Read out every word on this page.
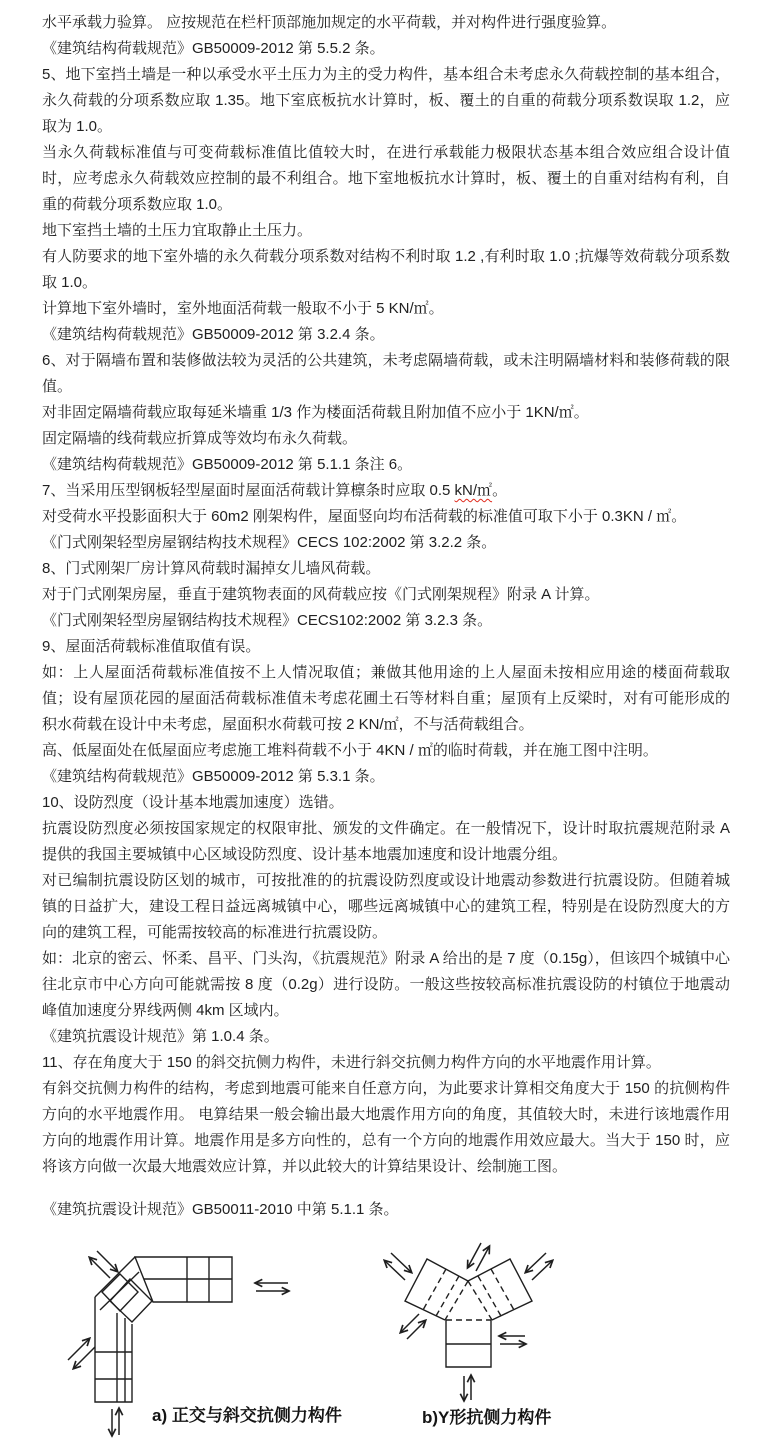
水平承载力验算。 应按规范在栏杆顶部施加规定的水平荷载，并对构件进行强度验算。

《建筑结构荷载规范》GB50009-2012 第 5.5.2 条。

5、地下室挡土墙是一种以承受水平土压力为主的受力构件，基本组合未考虑永久荷载控制的基本组合，永久荷载的分项系数应取 1.35。地下室底板抗水计算时，板、覆土的自重的荷载分项系数误取 1.2，应取为 1.0。

当永久荷载标准值与可变荷载标准值比值较大时，在进行承载能力极限状态基本组合效应组合设计值时，应考虑永久荷载效应控制的最不利组合。地下室地板抗水计算时，板、覆土的自重对结构有利，自重的荷载分项系数应取 1.0。

地下室挡土墙的土压力宜取静止土压力。

有人防要求的地下室外墙的永久荷载分项系数对结构不利时取 1.2 ,有利时取 1.0 ;抗爆等效荷载分项系数取 1.0。

计算地下室外墙时，室外地面活荷载一般取不小于 5 KN/㎡。

《建筑结构荷载规范》GB50009-2012 第 3.2.4 条。

6、对于隔墙布置和装修做法较为灵活的公共建筑，未考虑隔墙荷载，或未注明隔墙材料和装修荷载的限值。

对非固定隔墙荷载应取每延米墙重 1/3 作为楼面活荷载且附加值不应小于 1KN/㎡。

固定隔墙的线荷载应折算成等效均布永久荷载。

《建筑结构荷载规范》GB50009-2012 第 5.1.1 条注 6。

7、当采用压型钢板轻型屋面时屋面活荷载计算檩条时应取 0.5 kN/㎡。

对受荷水平投影面积大于 60m2 刚架构件，屋面竖向均布活荷载的标准值可取下小于 0.3KN / ㎡。

《门式刚架轻型房屋钢结构技术规程》CECS 102:2002 第 3.2.2 条。

8、门式刚架厂房计算风荷载时漏掉女儿墙风荷载。

对于门式刚架房屋，垂直于建筑物表面的风荷载应按《门式刚架规程》附录 A 计算。

《门式刚架轻型房屋钢结构技术规程》CECS102:2002 第 3.2.3 条。

9、屋面活荷载标准值取值有误。

如：上人屋面活荷载标准值按不上人情况取值；兼做其他用途的上人屋面未按相应用途的楼面荷载取值；设有屋顶花园的屋面活荷载标准值未考虑花圃土石等材料自重；屋顶有上反梁时，对有可能形成的积水荷载在设计中未考虑，屋面积水荷载可按 2 KN/㎡，不与活荷载组合。

高、低屋面处在低屋面应考虑施工堆料荷载不小于 4KN / ㎡的临时荷载，并在施工图中注明。

《建筑结构荷载规范》GB50009-2012 第 5.3.1 条。

10、设防烈度（设计基本地震加速度）选错。

抗震设防烈度必须按国家规定的权限审批、颁发的文件确定。在一般情况下，设计时取抗震规范附录 A 提供的我国主要城镇中心区域设防烈度、设计基本地震加速度和设计地震分组。

对已编制抗震设防区划的城市，可按批准的的抗震设防烈度或设计地震动参数进行抗震设防。但随着城镇的日益扩大，建设工程日益远离城镇中心，哪些远离城镇中心的建筑工程，特别是在设防烈度大的方向的建筑工程，可能需按较高的标准进行抗震设防。

如：北京的密云、怀柔、昌平、门头沟，《抗震规范》附录 A 给出的是 7 度（0.15g），但该四个城镇中心往北京市中心方向可能就需按 8 度（0.2g）进行设防。一般这些按较高标准抗震设防的村镇位于地震动峰值加速度分界线两侧 4km 区域内。

《建筑抗震设计规范》第 1.0.4 条。

11、存在角度大于 150 的斜交抗侧力构件，未进行斜交抗侧力构件方向的水平地震作用计算。

有斜交抗侧力构件的结构，考虑到地震可能来自任意方向，为此要求计算相交角度大于 150 的抗侧构件方向的水平地震作用。 电算结果一般会输出最大地震作用方向的角度，其值较大时，未进行该地震作用方向的地震作用计算。地震作用是多方向性的，总有一个方向的地震作用效应最大。当大于 150 时，应将该方向做一次最大地震效应计算，并以此较大的计算结果设计、绘制施工图。

《建筑抗震设计规范》GB50011-2010 中第 5.1.1 条。

a) 正交与斜交抗侧力构件	b)Y形抗侧力构件
